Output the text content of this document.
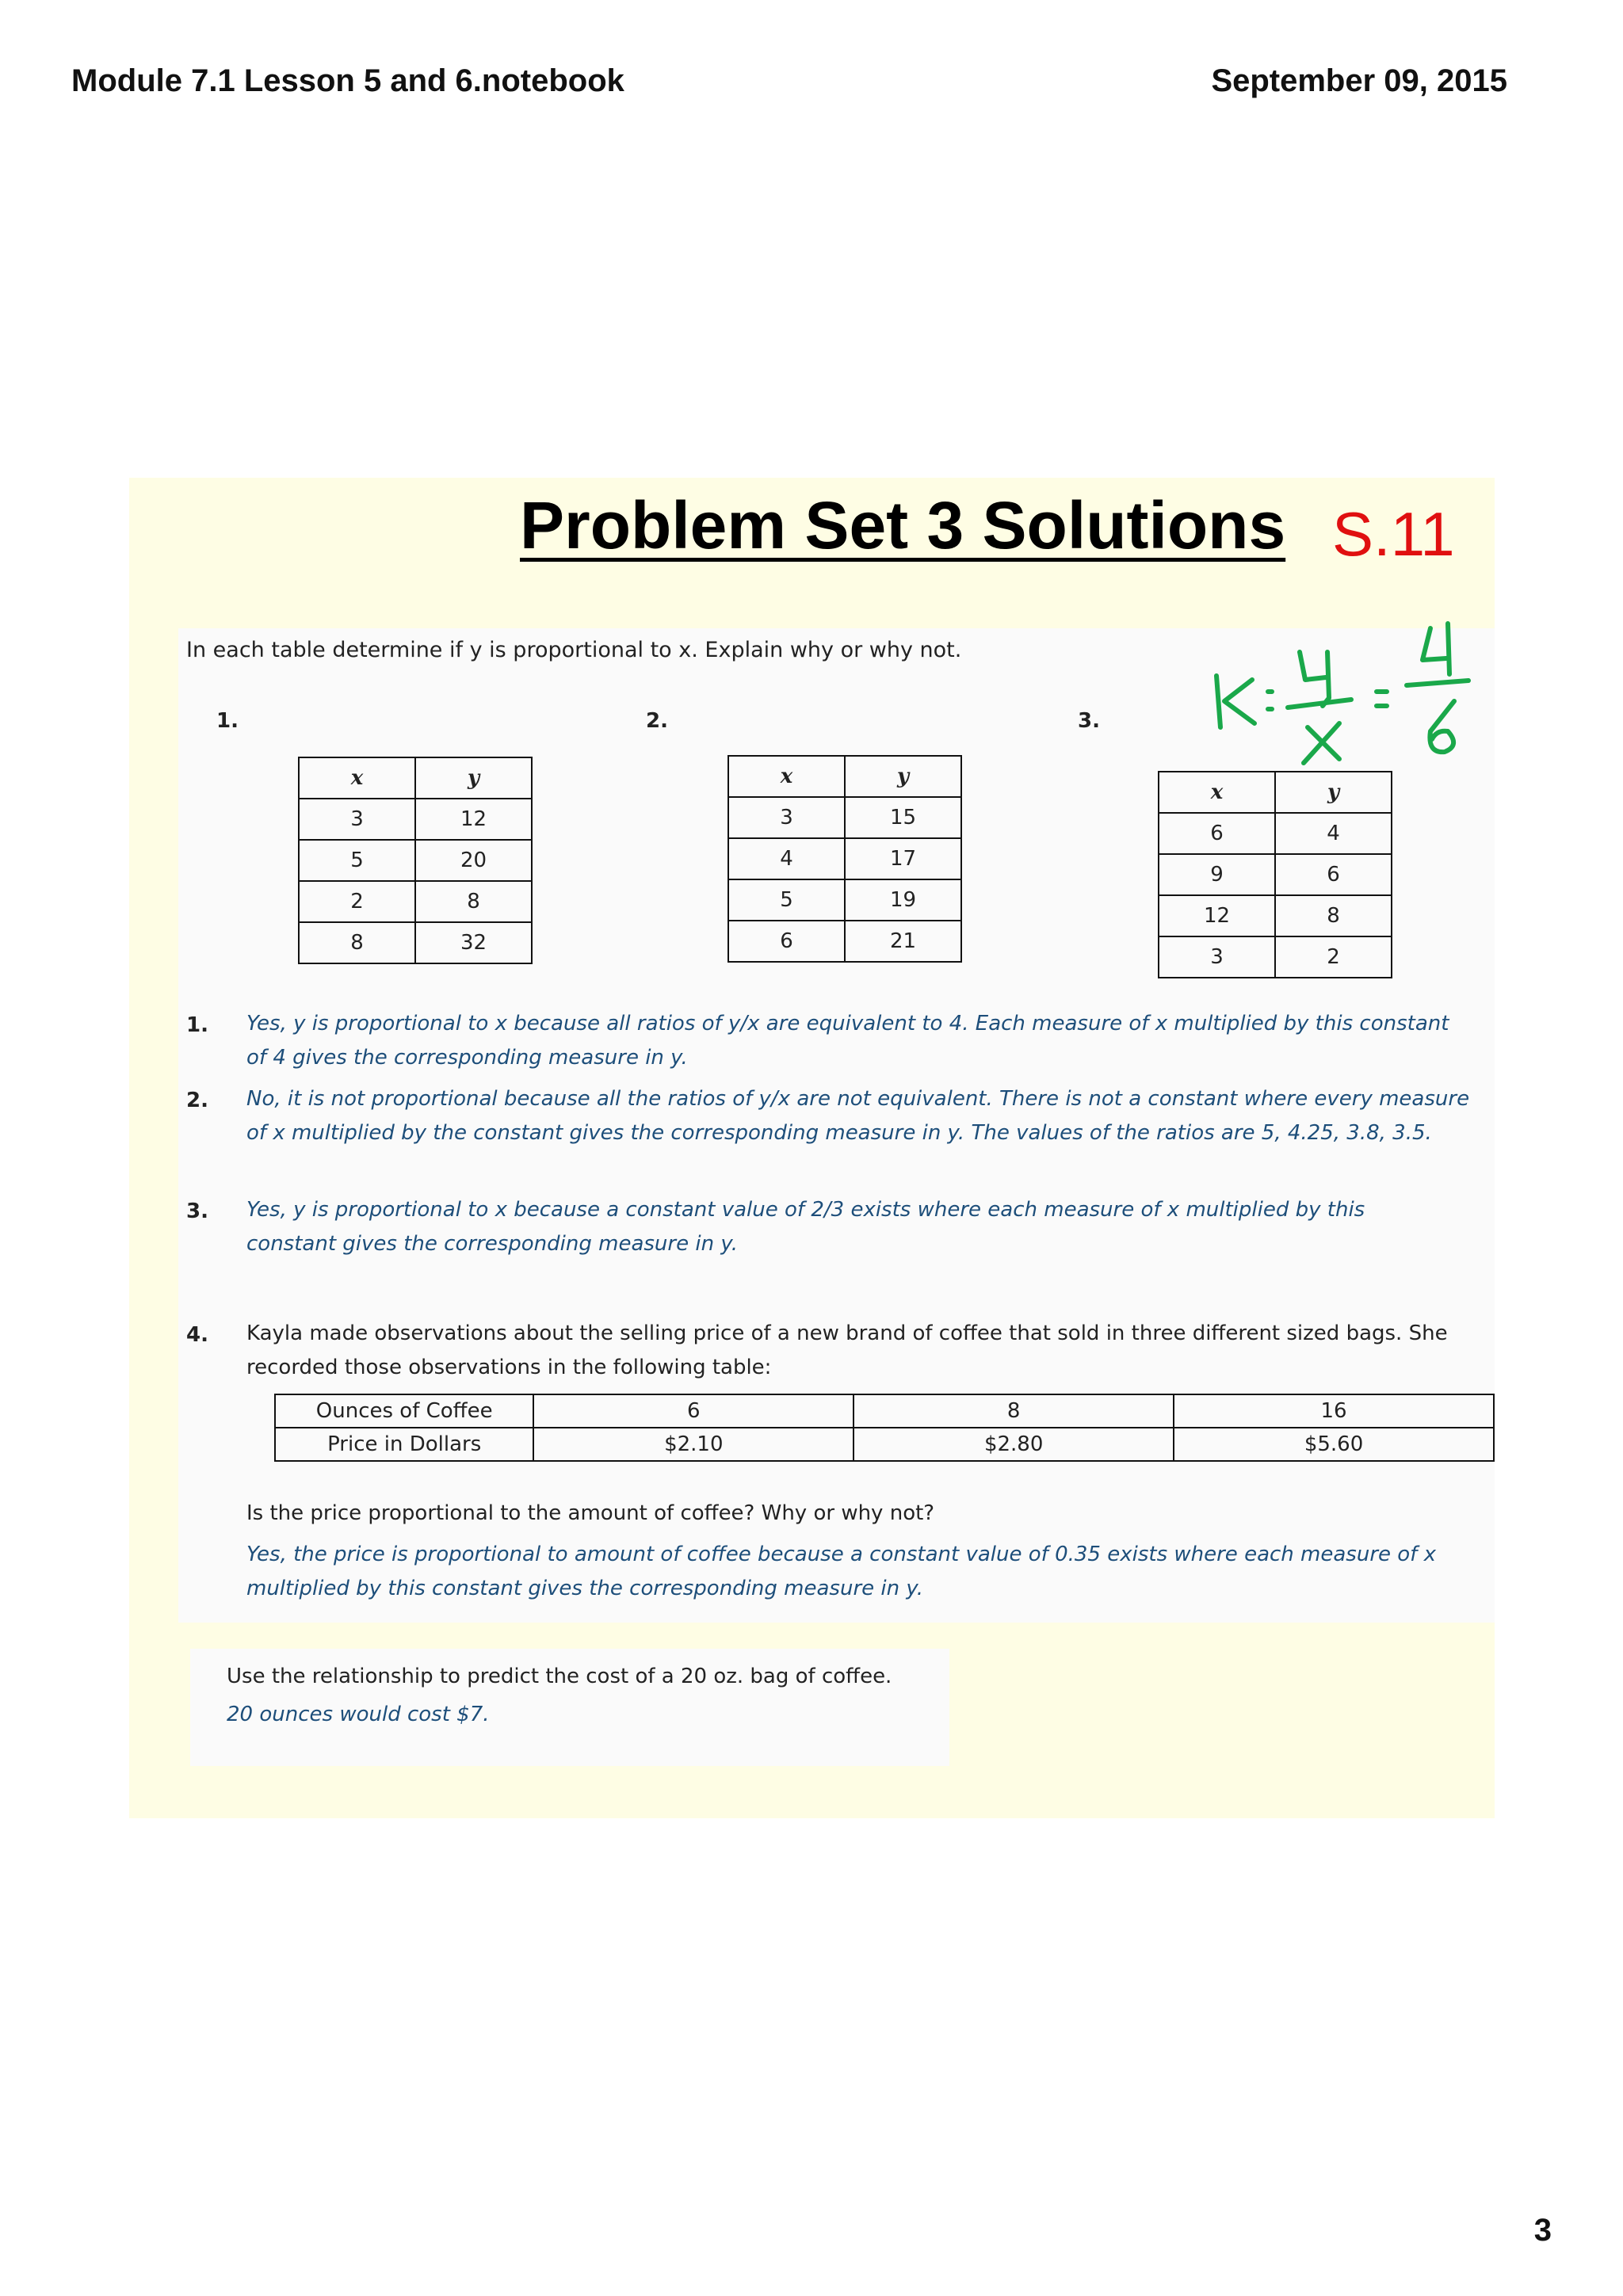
Module 7.1 Lesson 5 and 6.notebook	September 09, 2015
Problem Set 3 Solutions S.11
In each table determine if y is proportional to x. Explain why or why not.
1.	2.	3.
x	y
3	12
5	20
2	8
8	32
x	y
3	15
4	17
5	19
6	21
x	y
6	4
9	6
12	8
3	2
1. Yes, y is proportional to x because all ratios of y/x are equivalent to 4. Each measure of x multiplied by this constant of 4 gives the corresponding measure in y.
2. No, it is not proportional because all the ratios of y/x are not equivalent. There is not a constant where every measure of x multiplied by the constant gives the corresponding measure in y. The values of the ratios are 5, 4.25, 3.8, 3.5.
3. Yes, y is proportional to x because a constant value of 2/3 exists where each measure of x multiplied by this constant gives the corresponding measure in y.
4. Kayla made observations about the selling price of a new brand of coffee that sold in three different sized bags. She recorded those observations in the following table:
Ounces of Coffee	6	8	16
Price in Dollars	$2.10	$2.80	$5.60
Is the price proportional to the amount of coffee? Why or why not?
Yes, the price is proportional to amount of coffee because a constant value of 0.35 exists where each measure of x multiplied by this constant gives the corresponding measure in y.
Use the relationship to predict the cost of a 20 oz. bag of coffee.
20 ounces would cost $7.
3
